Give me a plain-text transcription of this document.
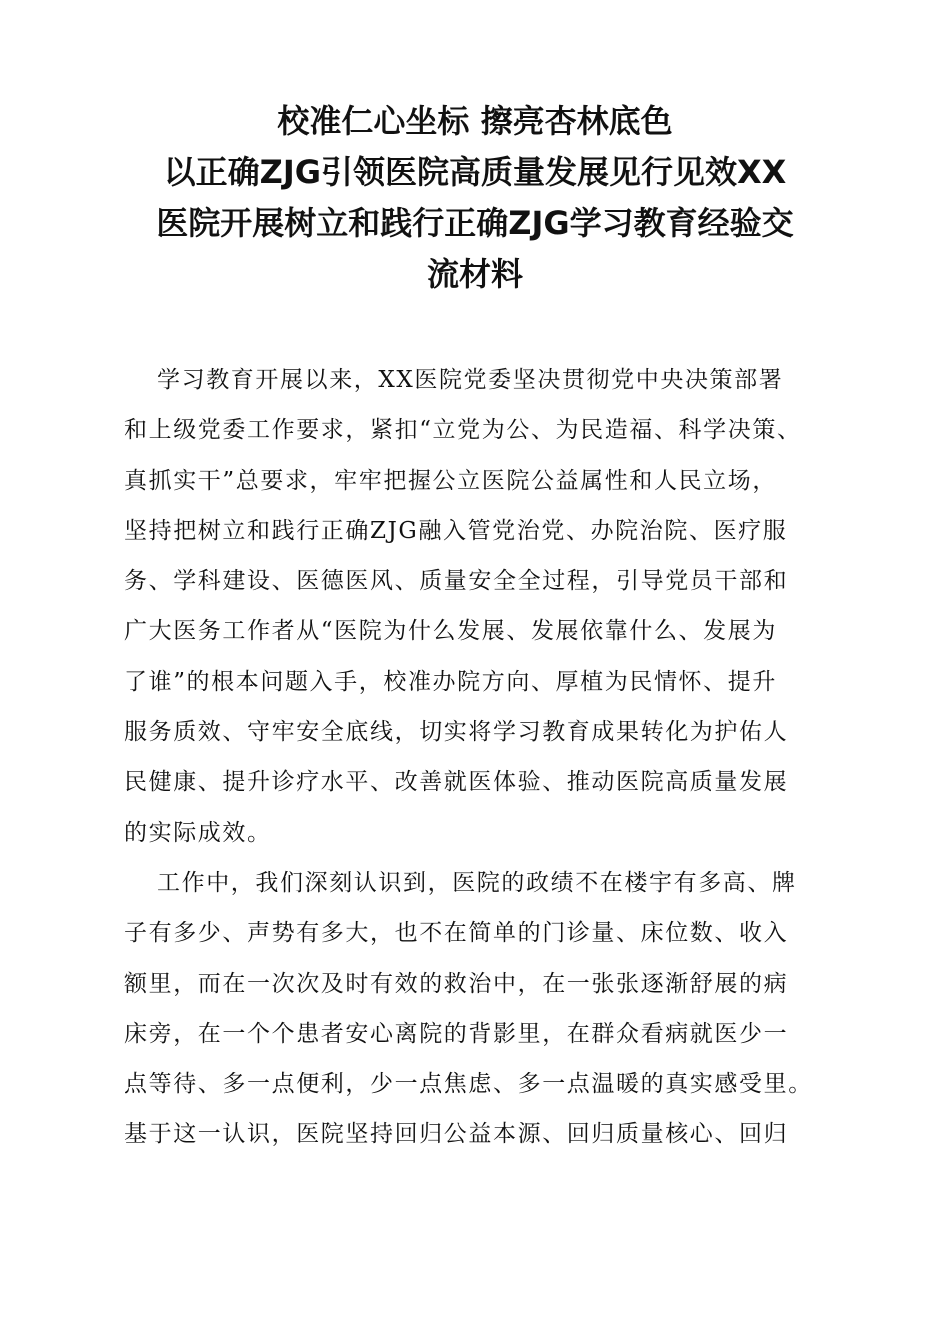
校准仁心坐标 擦亮杏林底色
以正确ZJG引领医院高质量发展见行见效XX
医院开展树立和践行正确ZJG学习教育经验交
流材料
学习教育开展以来，XX医院党委坚决贯彻党中央决策部署
和上级党委工作要求，紧扣“立党为公、为民造福、科学决策、
真抓实干”总要求，牢牢把握公立医院公益属性和人民立场，
坚持把树立和践行正确ZJG融入管党治党、办院治院、医疗服
务、学科建设、医德医风、质量安全全过程，引导党员干部和
广大医务工作者从“医院为什么发展、发展依靠什么、发展为
了谁”的根本问题入手，校准办院方向、厚植为民情怀、提升
服务质效、守牢安全底线，切实将学习教育成果转化为护佑人
民健康、提升诊疗水平、改善就医体验、推动医院高质量发展
的实际成效。
工作中，我们深刻认识到，医院的政绩不在楼宇有多高、牌
子有多少、声势有多大，也不在简单的门诊量、床位数、收入
额里，而在一次次及时有效的救治中，在一张张逐渐舒展的病
床旁，在一个个患者安心离院的背影里，在群众看病就医少一
点等待、多一点便利，少一点焦虑、多一点温暖的真实感受里。
基于这一认识，医院坚持回归公益本源、回归质量核心、回归
